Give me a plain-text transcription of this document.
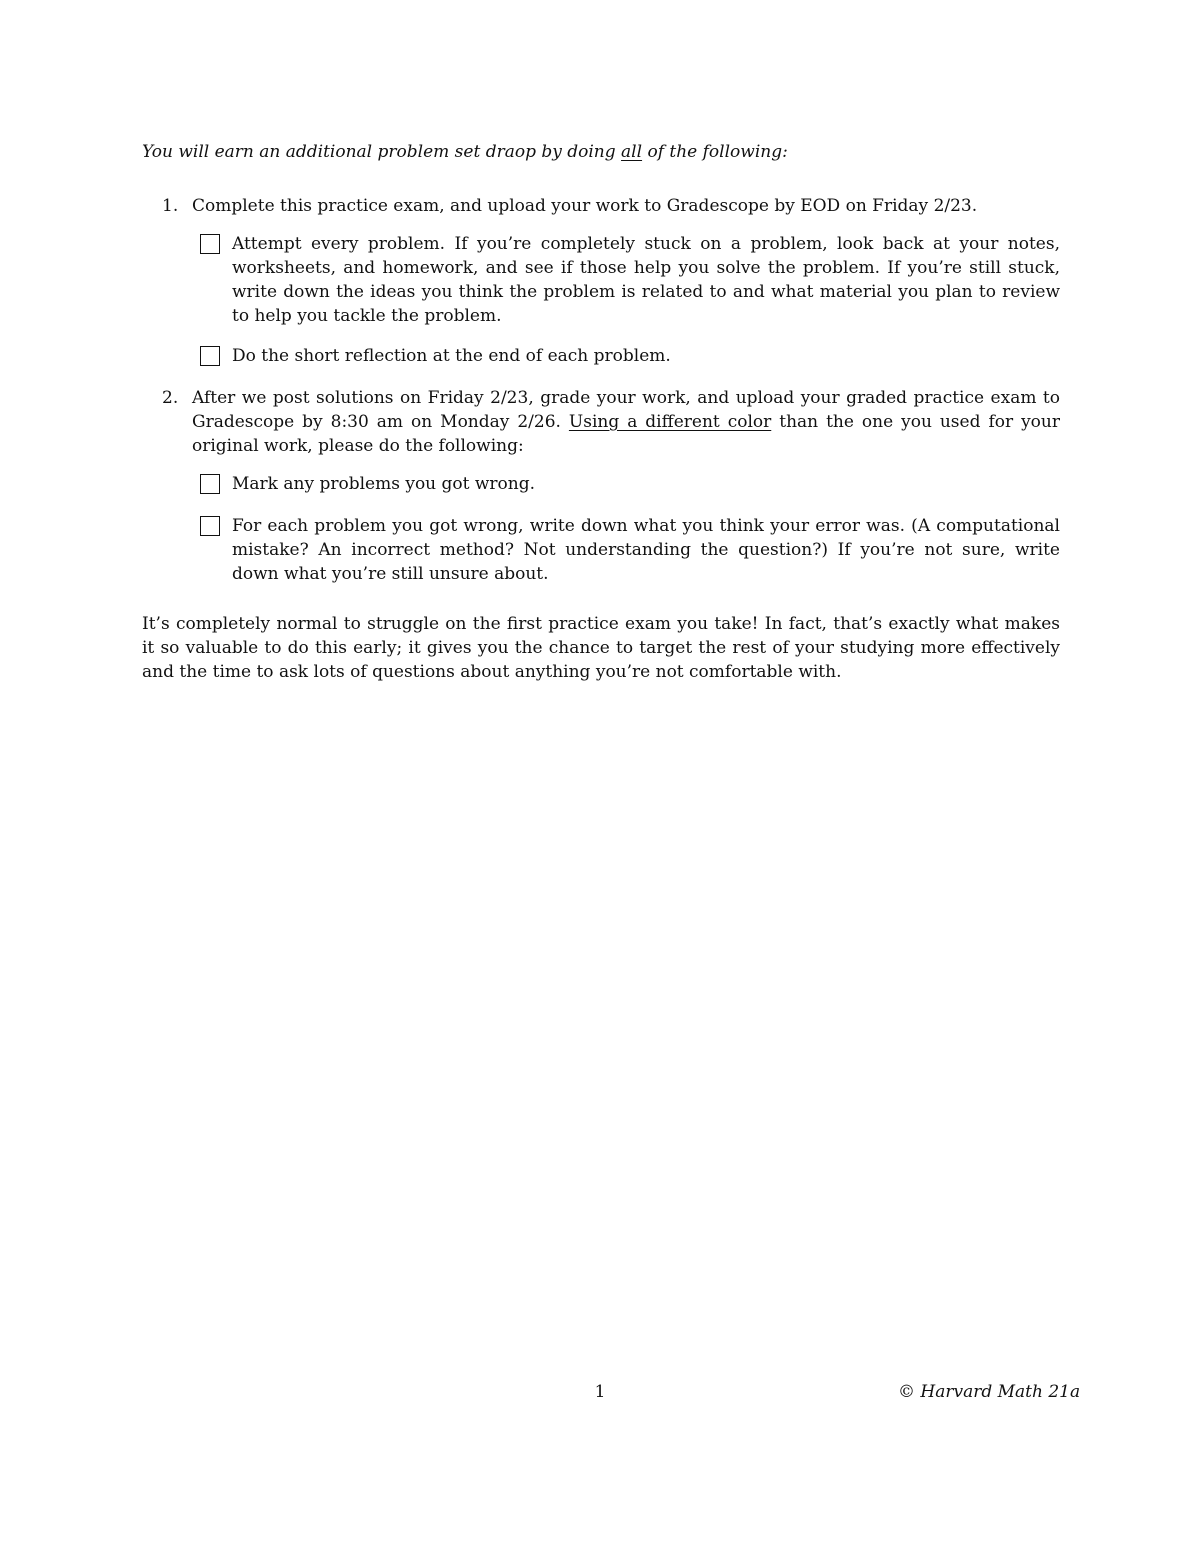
You will earn an additional problem set draop by doing all of the following:

1. Complete this practice exam, and upload your work to Gradescope by EOD on Friday 2/23.

Attempt every problem. If you’re completely stuck on a problem, look back at your notes, worksheets, and homework, and see if those help you solve the problem. If you’re still stuck, write down the ideas you think the problem is related to and what material you plan to review to help you tackle the problem.

Do the short reflection at the end of each problem.

2. After we post solutions on Friday 2/23, grade your work, and upload your graded practice exam to Gradescope by 8:30 am on Monday 2/26. Using a different color than the one you used for your original work, please do the following:

Mark any problems you got wrong.

For each problem you got wrong, write down what you think your error was. (A computational mistake? An incorrect method? Not understanding the question?) If you’re not sure, write down what you’re still unsure about.

It’s completely normal to struggle on the first practice exam you take! In fact, that’s exactly what makes it so valuable to do this early; it gives you the chance to target the rest of your studying more effectively and the time to ask lots of questions about anything you’re not comfortable with.

1	© Harvard Math 21a
